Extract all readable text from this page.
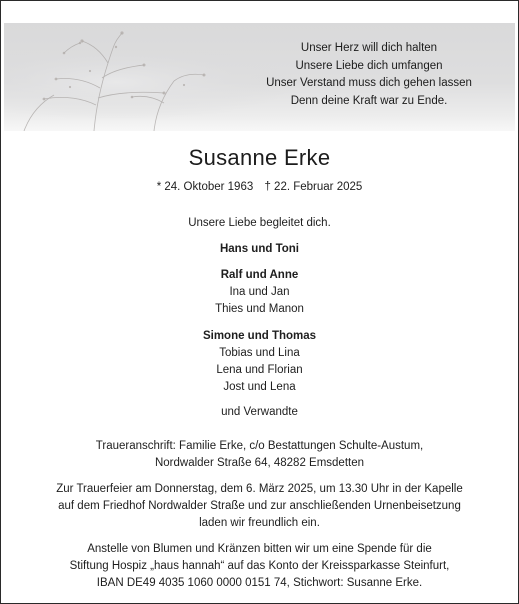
Unser Herz will dich halten
Unsere Liebe dich umfangen
Unser Verstand muss dich gehen lassen
Denn deine Kraft war zu Ende.
Susanne Erke
* 24. Oktober 1963 † 22. Februar 2025
Unsere Liebe begleitet dich.
Hans und Toni
Ralf und Anne
Ina und Jan
Thies und Manon
Simone und Thomas
Tobias und Lina
Lena und Florian
Jost und Lena
und Verwandte
Traueranschrift: Familie Erke, c/o Bestattungen Schulte-Austum,
Nordwalder Straße 64, 48282 Emsdetten
Zur Trauerfeier am Donnerstag, dem 6. März 2025, um 13.30 Uhr in der Kapelle
auf dem Friedhof Nordwalder Straße und zur anschließenden Urnenbeisetzung
laden wir freundlich ein.
Anstelle von Blumen und Kränzen bitten wir um eine Spende für die
Stiftung Hospiz „haus hannah“ auf das Konto der Kreissparkasse Steinfurt,
IBAN DE49 4035 1060 0000 0151 74, Stichwort: Susanne Erke.
